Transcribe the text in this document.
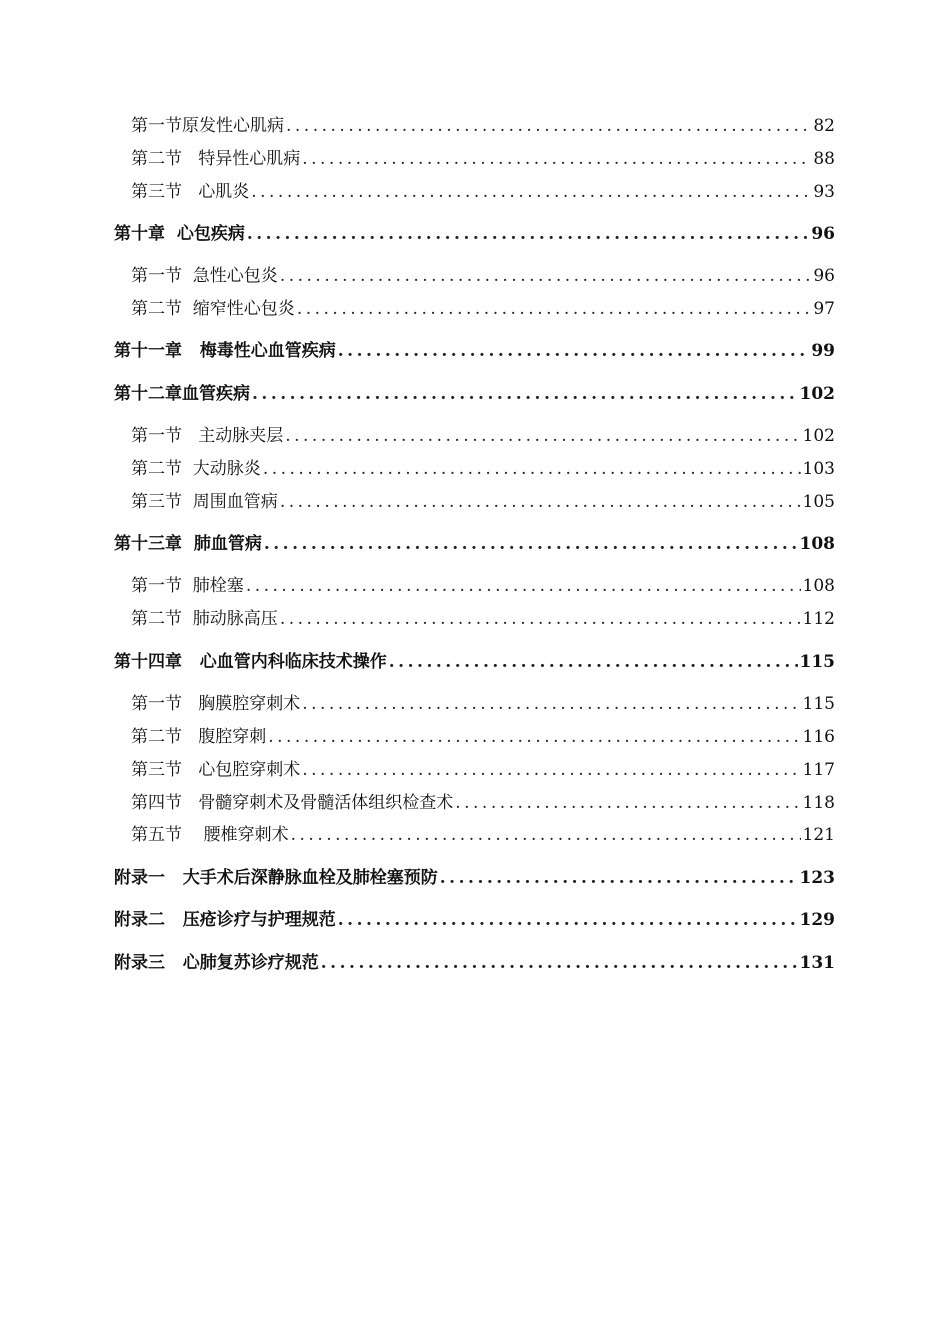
第一节原发性心肌病 .....	82
第二节   特异性心肌病 .....	88
第三节   心肌炎 .....	93
第十章  心包疾病 .....	96
第一节  急性心包炎 .....	96
第二节  缩窄性心包炎 .....	97
第十一章   梅毒性心血管疾病 .....	99
第十二章血管疾病 .....	102
第一节   主动脉夹层 .....	102
第二节  大动脉炎 .....	103
第三节  周围血管病 .....	105
第十三章  肺血管病 .....	108
第一节  肺栓塞 .....	108
第二节  肺动脉高压 .....	112
第十四章   心血管内科临床技术操作 .....	115
第一节   胸膜腔穿刺术 .....	115
第二节   腹腔穿刺 .....	116
第三节   心包腔穿刺术 .....	117
第四节   骨髓穿刺术及骨髓活体组织检查术 .....	118
第五节    腰椎穿刺术 .....	121
附录一   大手术后深静脉血栓及肺栓塞预防 .....	123
附录二   压疮诊疗与护理规范 .....	129
附录三   心肺复苏诊疗规范 .....	131
